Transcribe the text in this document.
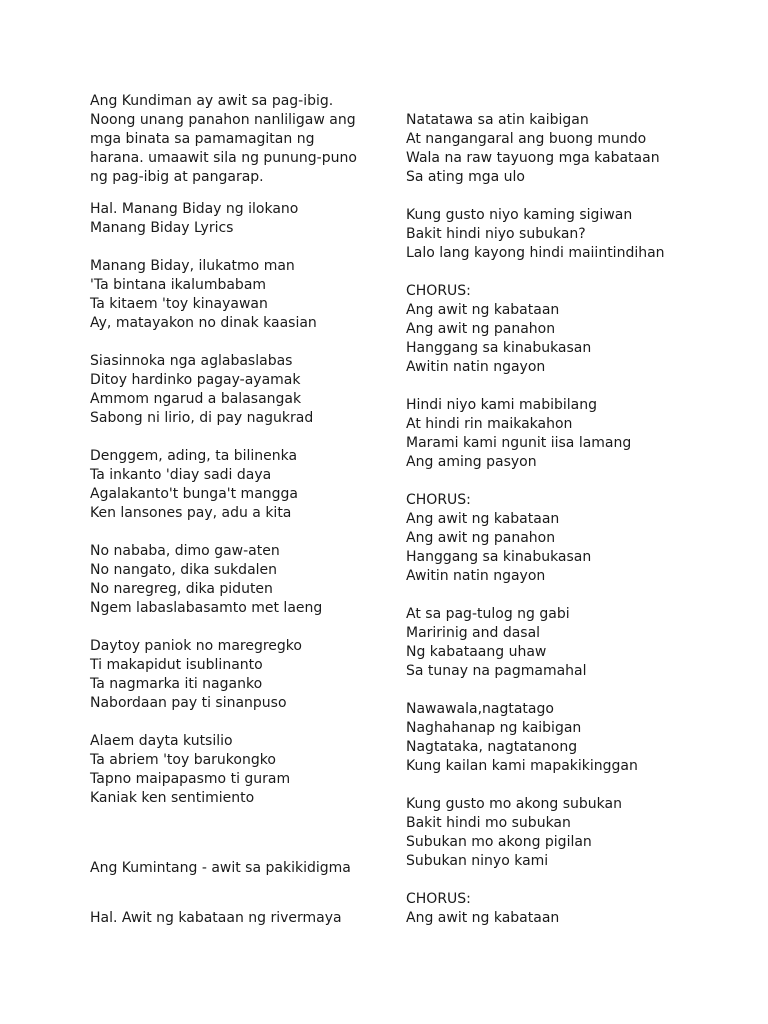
Ang Kundiman ay awit sa pag-ibig.
Noong unang panahon nanliligaw ang
mga binata sa pamamagitan ng
harana. umaawit sila ng punung-puno
ng pag-ibig at pangarap.
Hal. Manang Biday ng ilokano
Manang Biday Lyrics
Manang Biday, ilukatmo man
'Ta bintana ikalumbabam
Ta kitaem 'toy kinayawan
Ay, matayakon no dinak kaasian
Siasinnoka nga aglabaslabas
Ditoy hardinko pagay-ayamak
Ammom ngarud a balasangak
Sabong ni lirio, di pay nagukrad
Denggem, ading, ta bilinenka
Ta inkanto 'diay sadi daya
Agalakanto't bunga't mangga
Ken lansones pay, adu a kita
No nababa, dimo gaw-aten
No nangato, dika sukdalen
No naregreg, dika piduten
Ngem labaslabasamto met laeng
Daytoy paniok no maregregko
Ti makapidut isublinanto
Ta nagmarka iti naganko
Nabordaan pay ti sinanpuso
Alaem dayta kutsilio
Ta abriem 'toy barukongko
Tapno maipapasmo ti guram
Kaniak ken sentimiento
Ang Kumintang - awit sa pakikidigma
Hal. Awit ng kabataan ng rivermaya
Natatawa sa atin kaibigan
At nangangaral ang buong mundo
Wala na raw tayuong mga kabataan
Sa ating mga ulo
Kung gusto niyo kaming sigiwan
Bakit hindi niyo subukan?
Lalo lang kayong hindi maiintindihan
CHORUS:
Ang awit ng kabataan
Ang awit ng panahon
Hanggang sa kinabukasan
Awitin natin ngayon
Hindi niyo kami mabibilang
At hindi rin maikakahon
Marami kami ngunit iisa lamang
Ang aming pasyon
CHORUS:
Ang awit ng kabataan
Ang awit ng panahon
Hanggang sa kinabukasan
Awitin natin ngayon
At sa pag-tulog ng gabi
Maririnig and dasal
Ng kabataang uhaw
Sa tunay na pagmamahal
Nawawala,nagtatago
Naghahanap ng kaibigan
Nagtataka, nagtatanong
Kung kailan kami mapakikinggan
Kung gusto mo akong subukan
Bakit hindi mo subukan
Subukan mo akong pigilan
Subukan ninyo kami
CHORUS:
Ang awit ng kabataan
